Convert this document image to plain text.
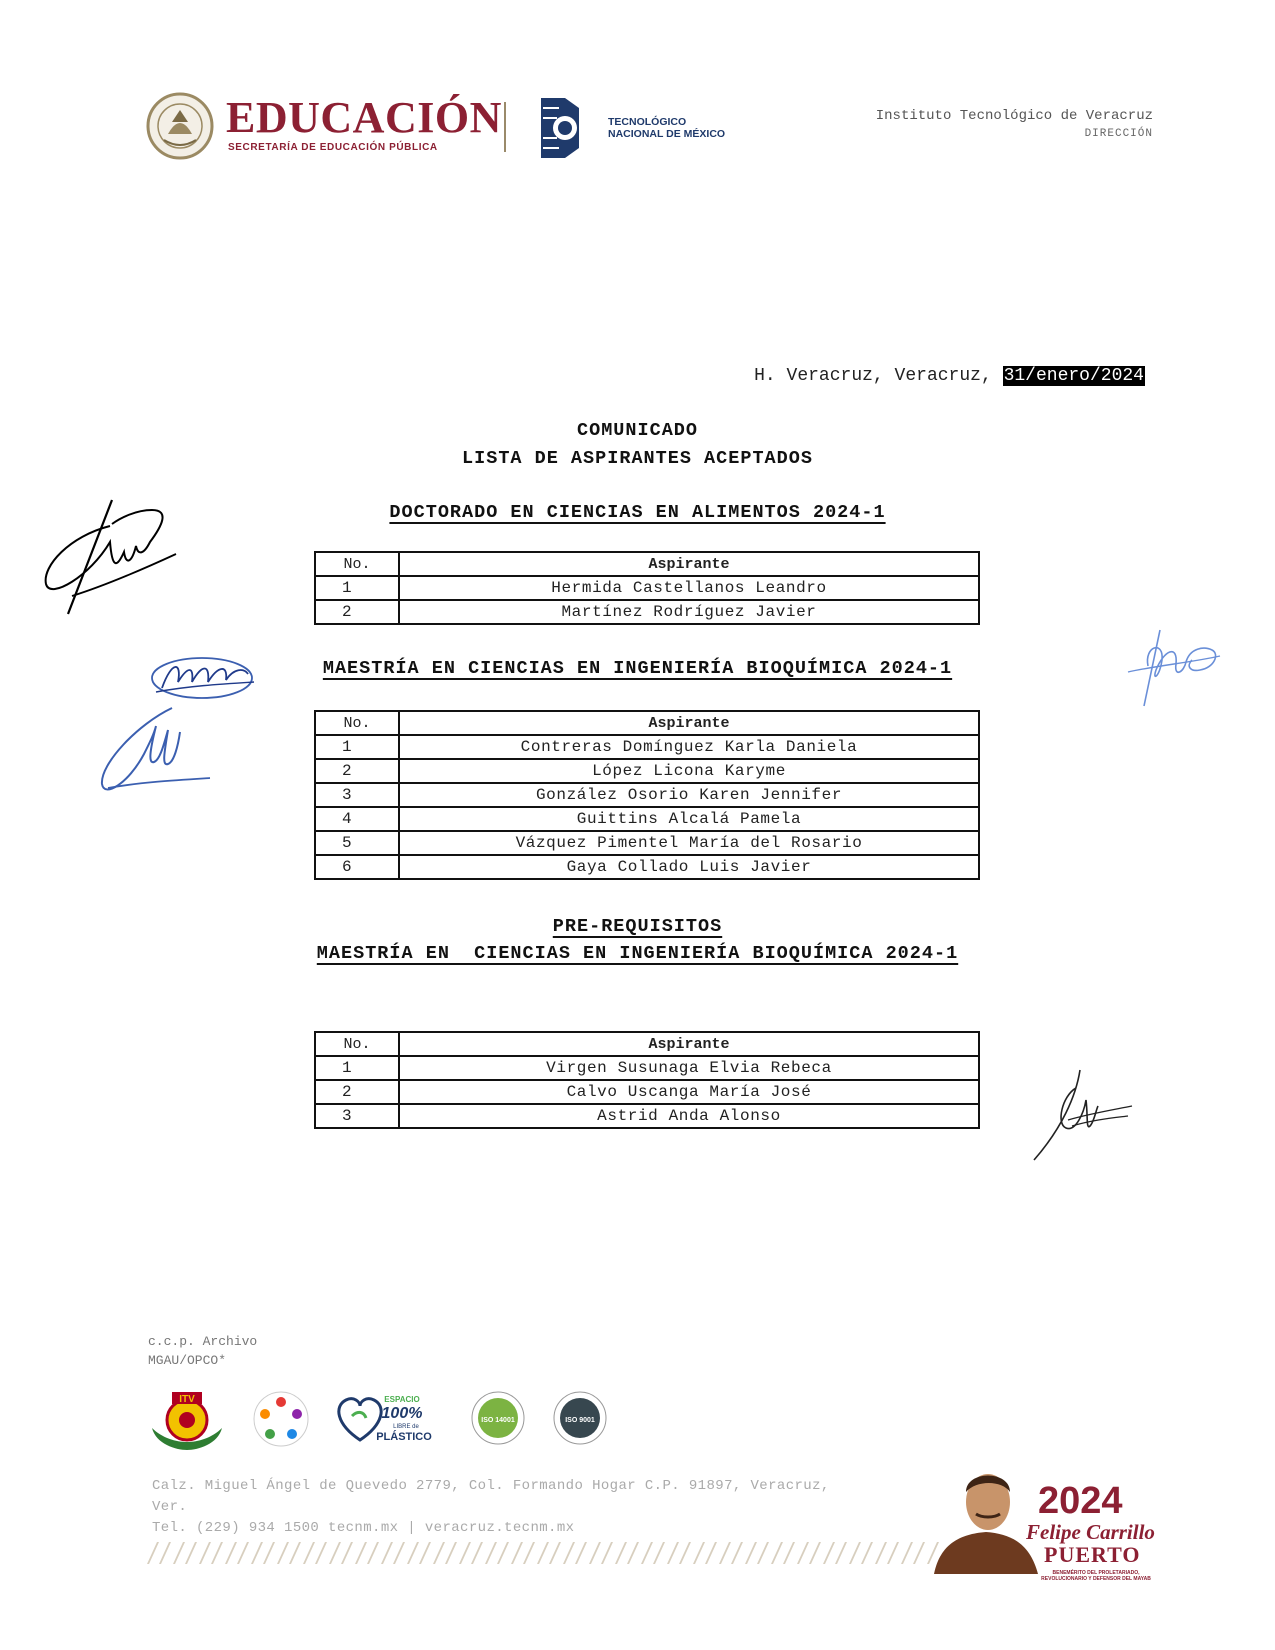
EDUCACIÓN
SECRETARÍA DE EDUCACIÓN PÚBLICA
TECNOLÓGICO
NACIONAL DE MÉXICO
Instituto Tecnológico de Veracruz
DIRECCIÓN
H. Veracruz, Veracruz, 31/enero/2024
COMUNICADO
LISTA DE ASPIRANTES ACEPTADOS
DOCTORADO EN CIENCIAS EN ALIMENTOS 2024-1
No.	Aspirante
1	Hermida Castellanos Leandro
2	Martínez Rodríguez Javier
MAESTRÍA EN CIENCIAS EN INGENIERÍA BIOQUÍMICA 2024-1
No.	Aspirante
1	Contreras Domínguez Karla Daniela
2	López Licona Karyme
3	González Osorio Karen Jennifer
4	Guittins Alcalá Pamela
5	Vázquez Pimentel María del Rosario
6	Gaya Collado Luis Javier
PRE-REQUISITOS
MAESTRÍA EN  CIENCIAS EN INGENIERÍA BIOQUÍMICA 2024-1
No.	Aspirante
1	Virgen Susunaga Elvia Rebeca
2	Calvo Uscanga María José
3	Astrid Anda Alonso
c.c.p. Archivo
MGAU/OPCO*
ITV	ESPACIO
100%
LIBRE de
PLÁSTICO
ISO 14001	ISO 9001
Calz. Miguel Ángel de Quevedo 2779, Col. Formando Hogar C.P. 91897, Veracruz,
Ver.
Tel. (229) 934 1500 tecnm.mx | veracruz.tecnm.mx
2024
Felipe Carrillo
PUERTO
BENEMÉRITO DEL PROLETARIADO, REVOLUCIONARIO Y DEFENSOR DEL MAYAB
